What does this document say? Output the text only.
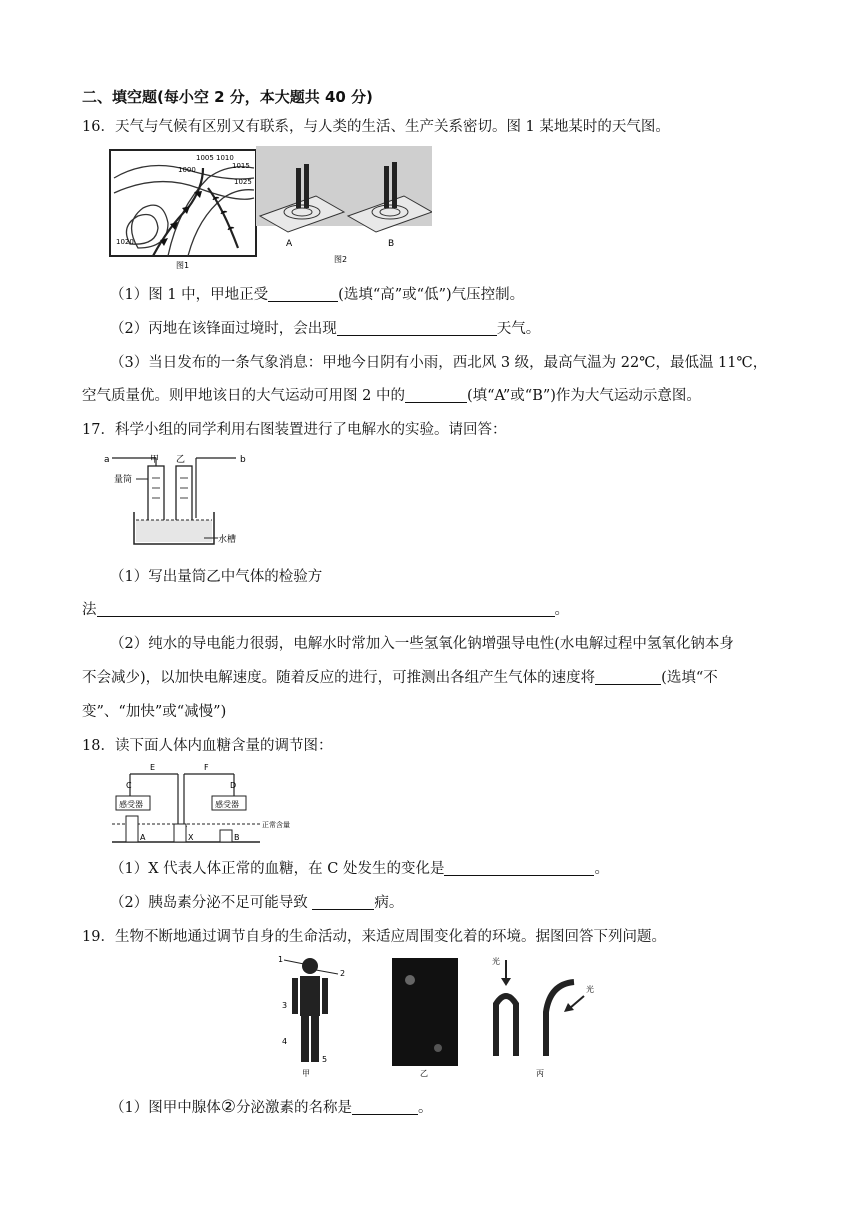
二、填空题(每小空 2 分，本大题共 40 分)
16．天气与气候有区别又有联系，与人类的生活、生产关系密切。图 1 某地某时的天气图。
1000
1005 1010
1015
1025
1020
图1
A	B
图2
（1）图 1 中，甲地正受	(选填“高”或“低”)气压控制。
（2）丙地在该锋面过境时，会出现	天气。
（3）当日发布的一条气象消息：甲地今日阴有小雨，西北风 3 级，最高气温为 22℃，最低温 11℃，
空气质量优。则甲地该日的大气运动可用图 2 中的	(填“A”或“B”)作为大气运动示意图。
17．科学小组的同学利用右图装置进行了电解水的实验。请回答：
a	b
甲 乙
量筒
水槽
（1）写出量筒乙中气体的检验方
法	。
（2）纯水的导电能力很弱，电解水时常加入一些氢氧化钠增强导电性(水电解过程中氢氧化钠本身
不会减少)，以加快电解速度。随着反应的进行，可推测出各组产生气体的速度将	(选填“不
变”、“加快”或“减慢”)
18．读下面人体内血糖含量的调节图：
E	F
C	D
感受器	感受器
正常含量
A	X	B
（1）X 代表人体正常的血糖，在 C 处发生的变化是	。
（2）胰岛素分泌不足可能导致	病。
19．生物不断地通过调节自身的生命活动，来适应周围变化着的环境。据图回答下列问题。
1
2
3
4
5
甲	乙
光
光
丙
（1）图甲中腺体②分泌激素的名称是	。
